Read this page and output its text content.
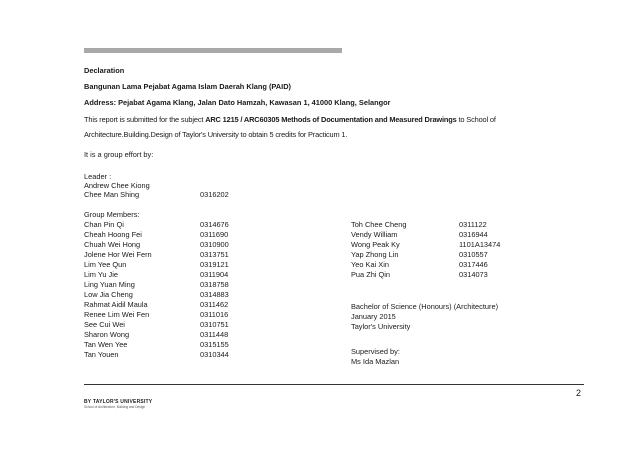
Declaration
Bangunan Lama Pejabat Agama Islam Daerah Klang (PAID)
Address: Pejabat Agama Klang, Jalan Dato Hamzah, Kawasan 1, 41000 Klang, Selangor
This report is submitted for the subject ARC 1215 / ARC60305 Methods of Documentation and Measured Drawings to School of
Architecture.Building.Design of Taylor's University to obtain 5 credits for Practicum 1.
It is a group effort by:
Leader :
Andrew Chee Kiong
Chee Man Shing	0316202
Group Members:
Chan Pin Qi	0314676
Cheah Hoong Fei	0311690
Chuah Wei Hong	0310900
Jolene Hor Wei Fern	0313751
Lim Yee Qun	0319121
Lim Yu Jie	0311904
Ling Yuan Ming	0318758
Low Jia Cheng	0314883
Rahmat Aidil Maula	0311462
Renee Lim Wei Fen	0311016
See Cui Wei	0310751
Sharon Wong	0311448
Tan Wen Yee	0315155
Tan Youen	0310344
Toh Chee Cheng	0311122
Vendy William	0316944
Wong Peak Ky	1101A13474
Yap Zhong Lin	0310557
Yeo Kai Xin	0317446
Pua Zhi Qin	0314073
Bachelor of Science (Honours) (Architecture)
January 2015
Taylor's University
Supervised by:
Ms Ida Mazlan
2
BY TAYLOR'S UNIVERSITY
School of Architecture, Building and Design
